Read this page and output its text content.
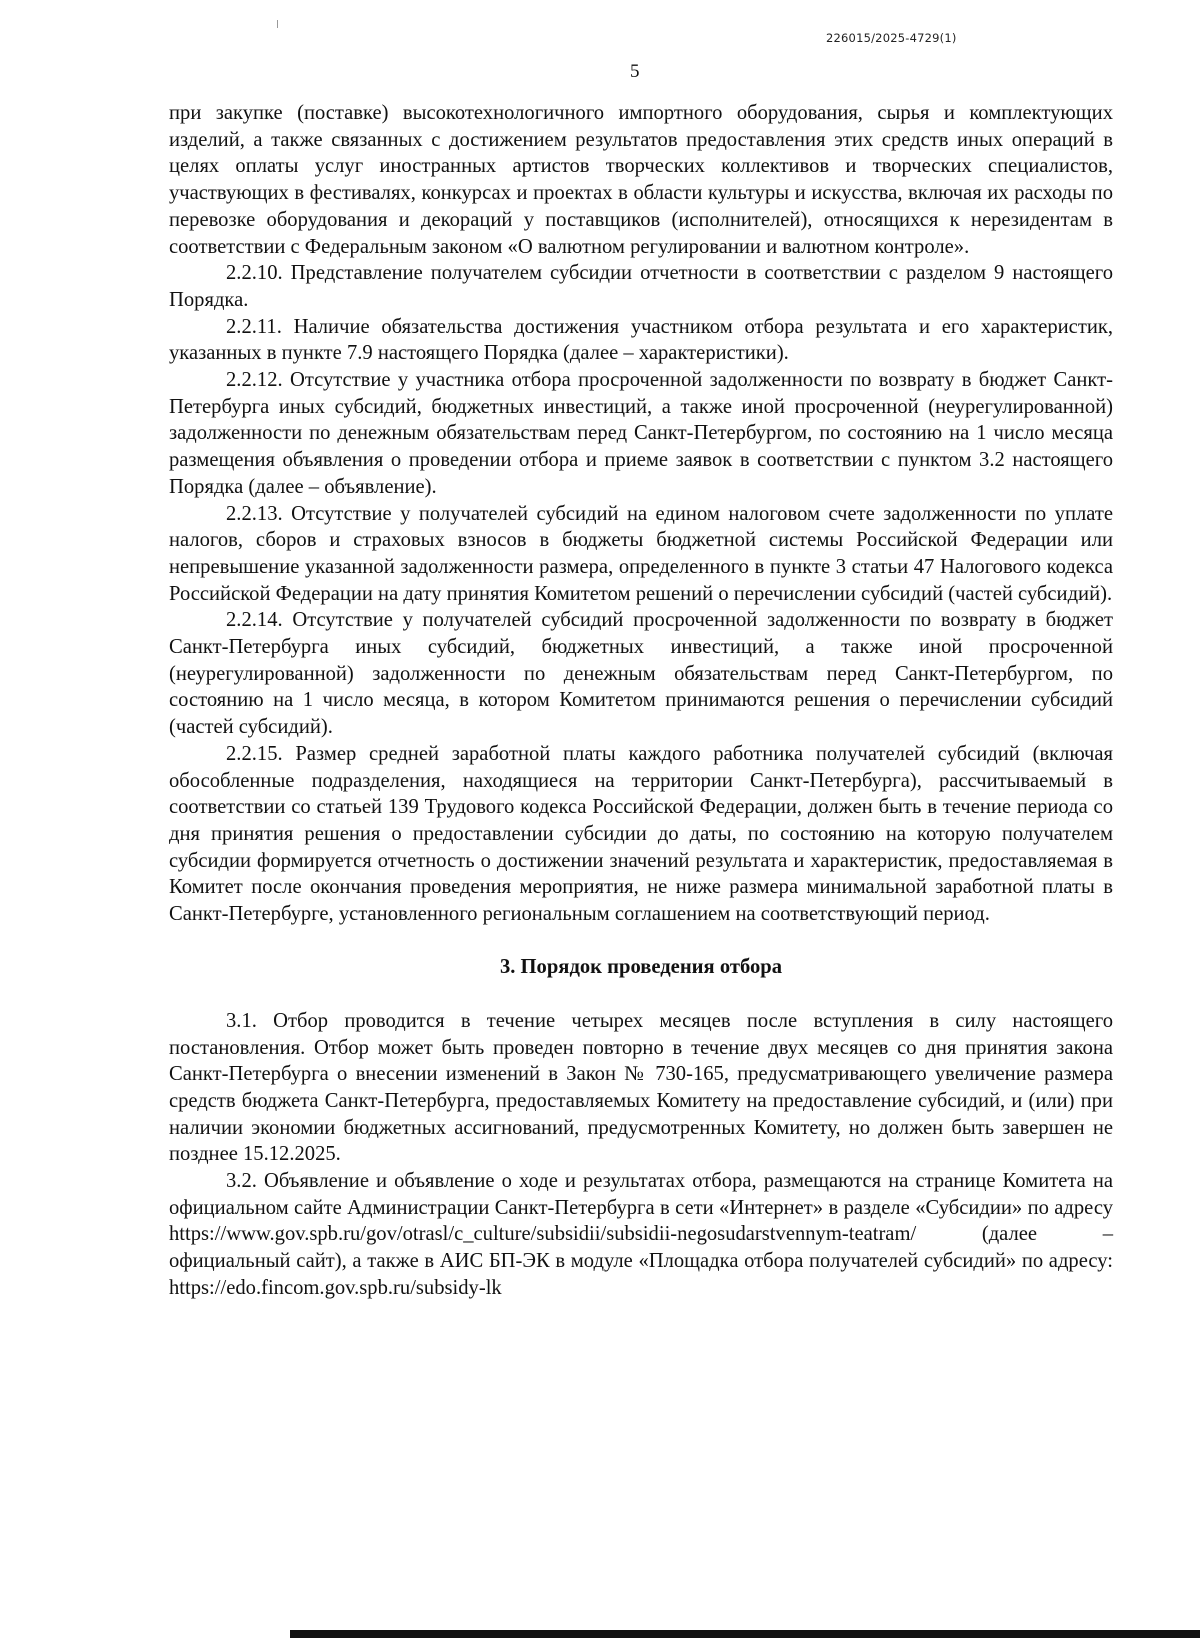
226015/2025-4729(1)
5

при закупке (поставке) высокотехнологичного импортного оборудования, сырья и комплектующих изделий, а также связанных с достижением результатов предоставления этих средств иных операций в целях оплаты услуг иностранных артистов творческих коллективов и творческих специалистов, участвующих в фестивалях, конкурсах и проектах в области культуры и искусства, включая их расходы по перевозке оборудования и декораций у поставщиков (исполнителей), относящихся к нерезидентам в соответствии с Федеральным законом «О валютном регулировании и валютном контроле».

2.2.10. Представление получателем субсидии отчетности в соответствии с разделом 9 настоящего Порядка.

2.2.11. Наличие обязательства достижения участником отбора результата и его характеристик, указанных в пункте 7.9 настоящего Порядка (далее – характеристики).

2.2.12. Отсутствие у участника отбора просроченной задолженности по возврату в бюджет Санкт-Петербурга иных субсидий, бюджетных инвестиций, а также иной просроченной (неурегулированной) задолженности по денежным обязательствам перед Санкт-Петербургом, по состоянию на 1 число месяца размещения объявления о проведении отбора и приеме заявок в соответствии с пунктом 3.2 настоящего Порядка (далее – объявление).

2.2.13. Отсутствие у получателей субсидий на едином налоговом счете задолженности по уплате налогов, сборов и страховых взносов в бюджеты бюджетной системы Российской Федерации или непревышение указанной задолженности размера, определенного в пункте 3 статьи 47 Налогового кодекса Российской Федерации на дату принятия Комитетом решений о перечислении субсидий (частей субсидий).

2.2.14. Отсутствие у получателей субсидий просроченной задолженности по возврату в бюджет Санкт-Петербурга иных субсидий, бюджетных инвестиций, а также иной просроченной (неурегулированной) задолженности по денежным обязательствам перед Санкт-Петербургом, по состоянию на 1 число месяца, в котором Комитетом принимаются решения о перечислении субсидий (частей субсидий).

2.2.15. Размер средней заработной платы каждого работника получателей субсидий (включая обособленные подразделения, находящиеся на территории Санкт-Петербурга), рассчитываемый в соответствии со статьей 139 Трудового кодекса Российской Федерации, должен быть в течение периода со дня принятия решения о предоставлении субсидии до даты, по состоянию на которую получателем субсидии формируется отчетность о достижении значений результата и характеристик, предоставляемая в Комитет после окончания проведения мероприятия, не ниже размера минимальной заработной платы в Санкт-Петербурге, установленного региональным соглашением на соответствующий период.

3. Порядок проведения отбора

3.1. Отбор проводится в течение четырех месяцев после вступления в силу настоящего постановления. Отбор может быть проведен повторно в течение двух месяцев со дня принятия закона Санкт-Петербурга о внесении изменений в Закон № 730-165, предусматривающего увеличение размера средств бюджета Санкт-Петербурга, предоставляемых Комитету на предоставление субсидий, и (или) при наличии экономии бюджетных ассигнований, предусмотренных Комитету, но должен быть завершен не позднее 15.12.2025.

3.2. Объявление и объявление о ходе и результатах отбора, размещаются на странице Комитета на официальном сайте Администрации Санкт-Петербурга в сети «Интернет» в разделе «Субсидии» по адресу https://www.gov.spb.ru/gov/otrasl/c_culture/subsidii/subsidii-negosudarstvennym-teatram/ (далее – официальный сайт), а также в АИС БП-ЭК в модуле «Площадка отбора получателей субсидий» по адресу: https://edo.fincom.gov.spb.ru/subsidy-lk
